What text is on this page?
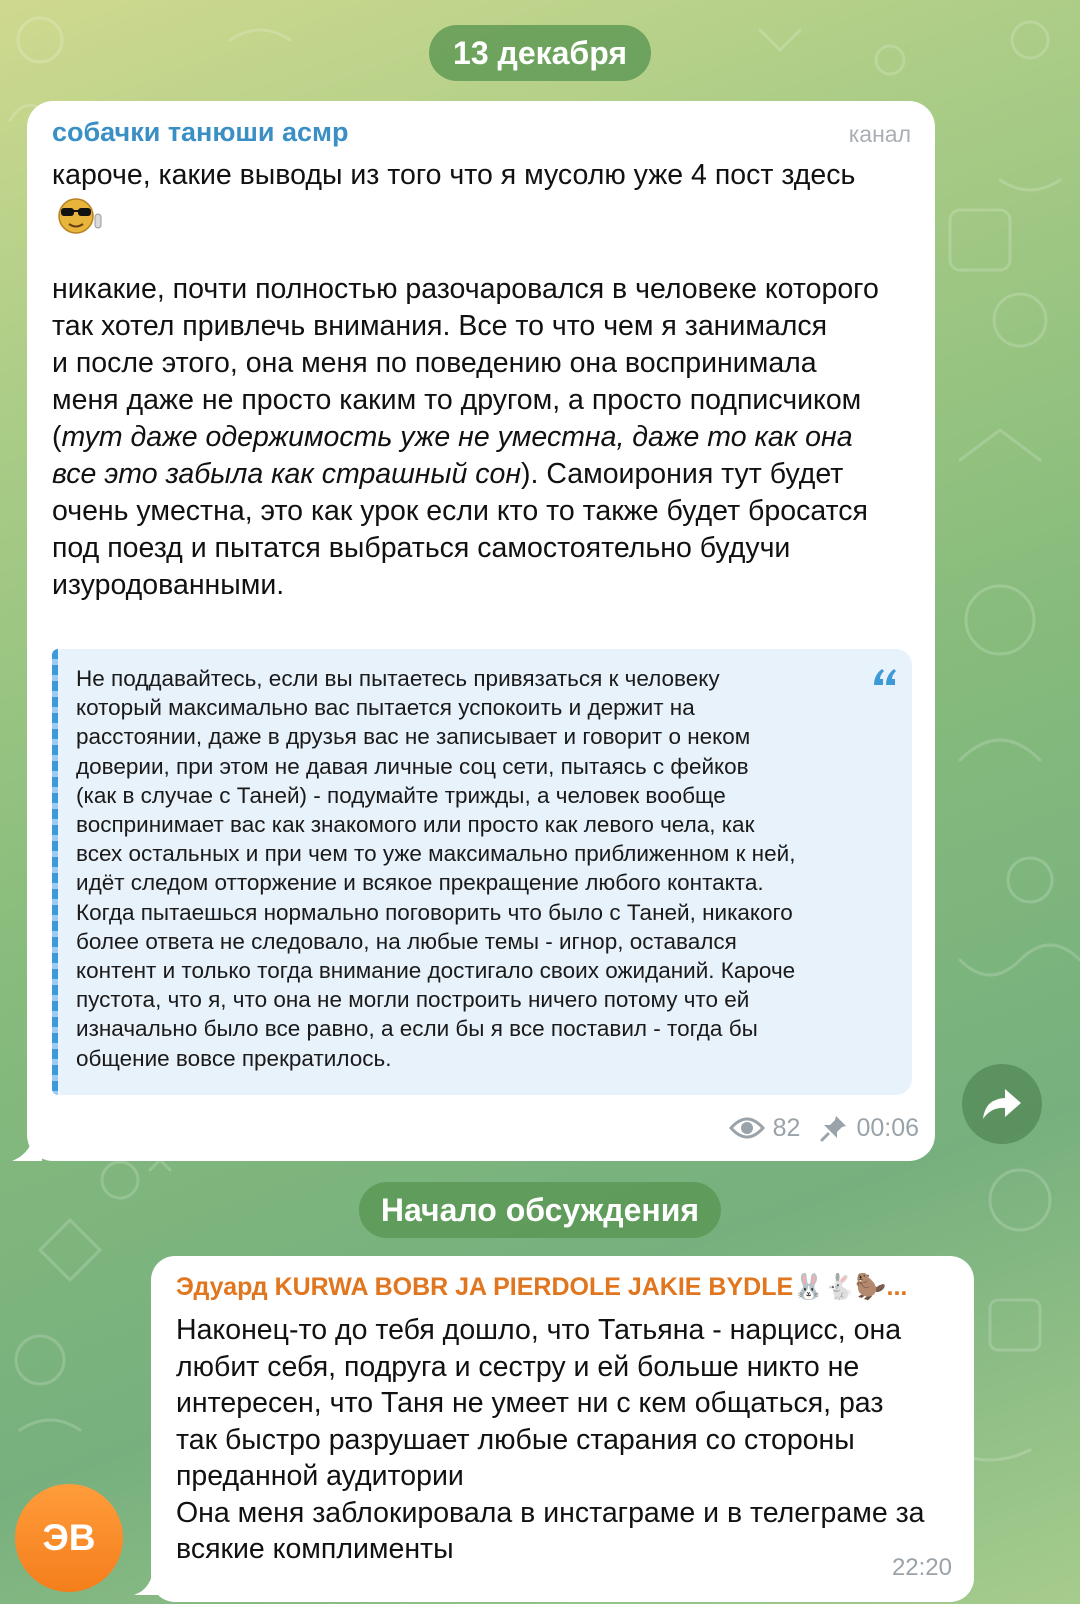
13 декабря
собачки танюши асмр	канал

кароче, какие выводы из того что я мусолю уже 4 пост здесь

никакие, почти полностью разочаровался в человеке которого

так хотел привлечь внимания. Все то что чем я занимался

и после этого, она меня по поведению она воспринимала

меня даже не просто каким то другом, а просто подписчиком

(тут даже одержимость уже не уместна, даже то как она

все это забыла как страшный сон). Самоирония тут будет

очень уместна, это как урок если кто то также будет бросатся

под поезд и пытатся выбраться самостоятельно будучи

изуродованными.

Не поддавайтесь, если вы пытаетесь привязаться к человеку
который максимально вас пытается успокоить и держит на
расстоянии, даже в друзья вас не записывает и говорит о неком
доверии, при этом не давая личные соц сети, пытаясь с фейков
(как в случае с Таней) - подумайте трижды, а человек вообще
воспринимает вас как знакомого или просто как левого чела, как
всех остальных и при чем то уже максимально приближенном к ней,
идёт следом отторжение и всякое прекращение любого контакта.
Когда пытаешься нормально поговорить что было с Таней, никакого
более ответа не следовало, на любые темы - игнор, оставался
контент и только тогда внимание достигало своих ожиданий. Кароче
пустота, что я, что она не могли построить ничего потому что ей
изначально было все равно, а если бы я все поставил - тогда бы
общение вовсе прекратилось.
82 00:06
Начало обсуждения
Эдуард KURWA BOBR JA PIERDOLE JAKIE BYDLE🐰🐇🦫...
Наконец-то до тебя дошло, что Татьяна - нарцисс, она
любит себя, подруга и сестру и ей больше никто не
интересен, что Таня не умеет ни с кем общаться, раз
так быстро разрушает любые старания со стороны
преданной аудитории
Она меня заблокировала в инстаграме и в телеграме за
всякие комплименты
22:20
ЭВ
